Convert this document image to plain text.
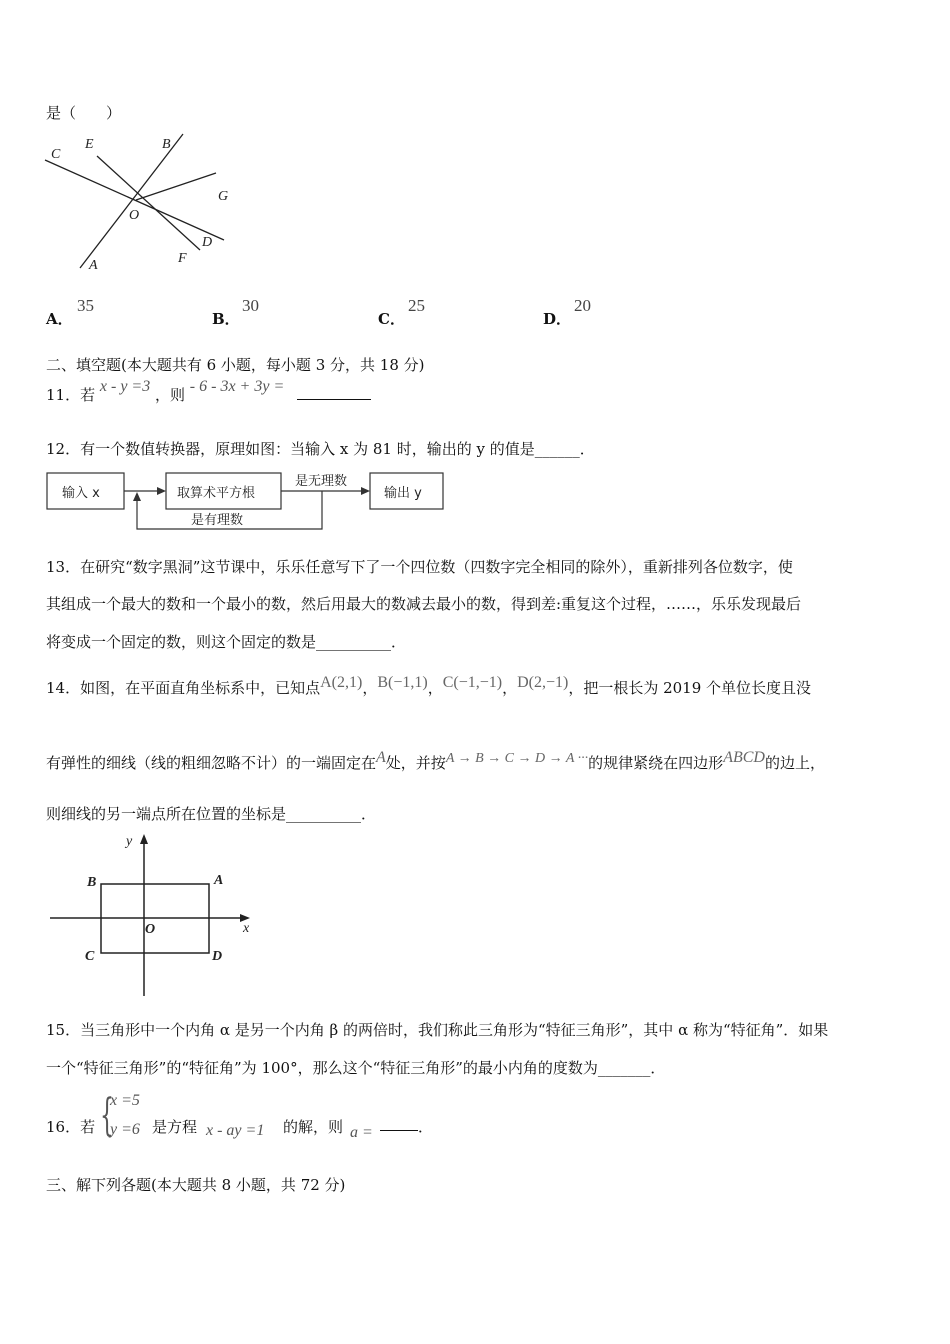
是（　　）
C
E	B
G
O
D
F
A
A．
35
B．
30
C．
25
D．
20
二、填空题(本大题共有 6 小题，每小题 3 分，共 18 分)
11．若 x - y =3 ，则 - 6 - 3x + 3y =
12．有一个数值转换器，原理如图：当输入 x 为 81 时，输出的 y 的值是______．
输入 x	取算术平方根
是无理数
输出 y
是有理数
13．在研究“数字黑洞”这节课中，乐乐任意写下了一个四位数（四数字完全相同的除外），重新排列各位数字，使
其组成一个最大的数和一个最小的数，然后用最大的数减去最小的数，得到差:重复这个过程，……，乐乐发现最后
将变成一个固定的数，则这个固定的数是__________．
14．如图，在平面直角坐标系中，已知点A(2,1)，B(−1,1)，C(−1,−1)，D(2,−1)，把一根长为 2019 个单位长度且没
有弹性的细线（线的粗细忽略不计）的一端固定在A处，并按A → B → C → D → A ···的规律紧绕在四边形ABCD的边上，
则细线的另一端点所在位置的坐标是__________．
y
x
B	A
C	D
O
15．当三角形中一个内角 α 是另一个内角 β 的两倍时，我们称此三角形为“特征三角形”，其中 α 称为“特征角”．如果
一个“特征三角形”的“特征角”为 100°，那么这个“特征三角形”的最小内角的度数为_______．
16．若 {
x =5
y =6 是方程 x - ay =1 的解，则 a =	．
三、解下列各题(本大题共 8 小题，共 72 分)
